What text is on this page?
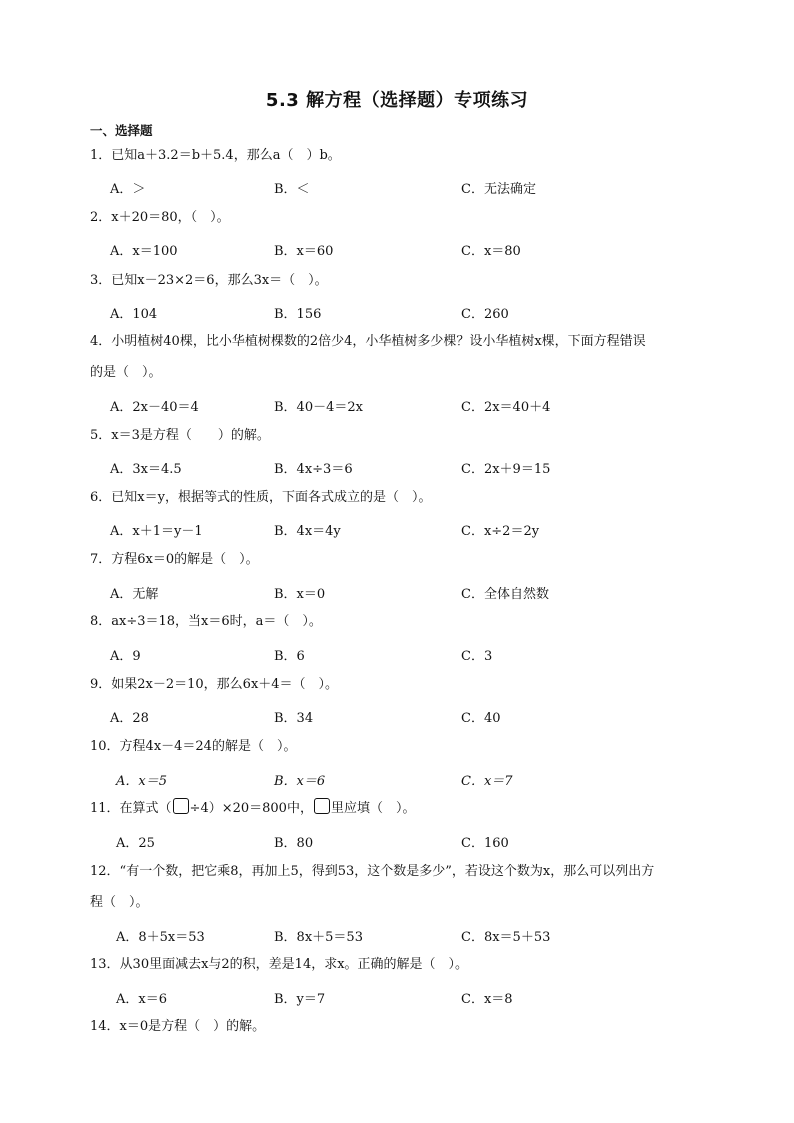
5.3 解方程（选择题）专项练习
一、选择题
1．已知a＋3.2＝b＋5.4，那么a（　）b。
A．＞	B．＜	C．无法确定
2．x＋20＝80，（　）。
A．x＝100	B．x＝60	C．x＝80
3．已知x－23×2＝6，那么3x＝（　）。
A．104	B．156	C．260
4．小明植树40棵，比小华植树棵数的2倍少4，小华植树多少棵？设小华植树x棵，下面方程错误
的是（　）。
A．2x－40＝4	B．40－4＝2x	C．2x＝40＋4
5．x＝3是方程（　　）的解。
A．3x＝4.5	B．4x÷3＝6	C．2x＋9＝15
6．已知x＝y，根据等式的性质，下面各式成立的是（　）。
A．x＋1＝y－1	B．4x＝4y	C．x÷2＝2y
7．方程6x＝0的解是（　）。
A．无解	B．x＝0	C．全体自然数
8．ax÷3＝18，当x＝6时，a＝（　）。
A．9	B．6	C．3
9．如果2x－2＝10，那么6x＋4＝（　）。
A．28	B．34	C．40
10．方程4x－4＝24的解是（　）。
A．x＝5	B．x＝6	C．x＝7
11．在算式（ ÷4）×20＝800中， 里应填（　）。
A．25	B．80	C．160
12．“有一个数，把它乘8，再加上5，得到53，这个数是多少”，若设这个数为x，那么可以列出方
程（　）。
A．8＋5x＝53	B．8x＋5＝53	C．8x＝5＋53
13．从30里面减去x与2的积，差是14，求x。正确的解是（　）。
A．x＝6	B．y＝7	C．x＝8
14．x＝0是方程（　）的解。
